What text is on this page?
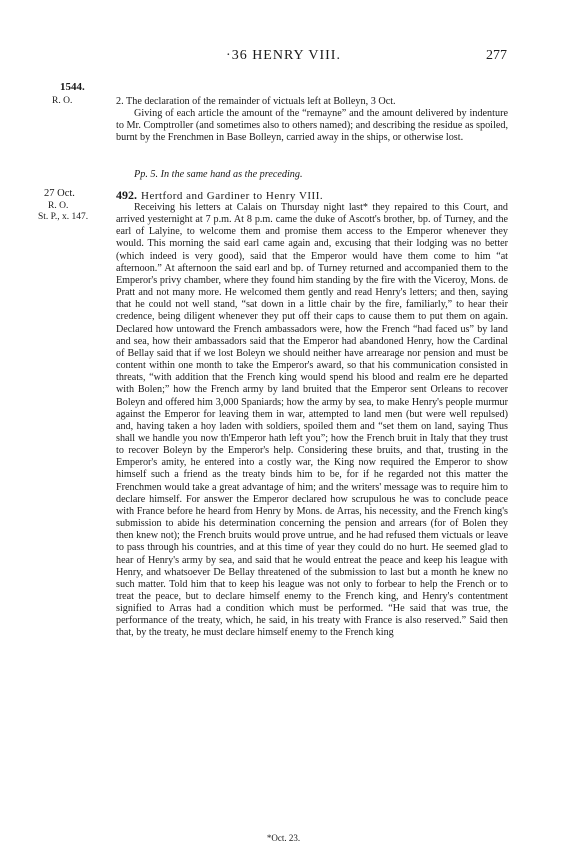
·36 HENRY VIII.	277
1544.
R. O.	2. The declaration of the remainder of victuals left at Bolleyn, 3 Oct.
Giving of each article the amount of the “remayne” and the amount delivered by indenture to Mr. Comptroller (and sometimes also to others named); and describing the residue as spoiled, burnt by the Frenchmen in Base Bolleyn, carried away in the ships, or otherwise lost.
Pp. 5. In the same hand as the preceding.
27 Oct.
R. O.
St. P., x. 147.
492. Hertford and Gardiner to Henry VIII.
Receiving his letters at Calais on Thursday night last* they repaired to this Court, and arrived yesternight at 7 p.m. At 8 p.m. came the duke of Ascott's brother, bp. of Turney, and the earl of Lalyine, to welcome them and promise them access to the Emperor whenever they would. This morning the said earl came again and, excusing that their lodging was no better (which indeed is very good), said that the Emperor would have them come to him “at afternoon.” At afternoon the said earl and bp. of Turney returned and accompanied them to the Emperor's privy chamber, where they found him standing by the fire with the Viceroy, Mons. de Pratt and not many more. He welcomed them gently and read Henry's letters; and then, saying that he could not well stand, “sat down in a little chair by the fire, familiarly,” to hear their credence, being diligent whenever they put off their caps to cause them to put them on again. Declared how untoward the French ambassadors were, how the French “had faced us” by land and sea, how their ambassadors said that the Emperor had abandoned Henry, how the Cardinal of Bellay said that if we lost Boleyn we should neither have arrearage nor pension and must be content within one month to take the Emperor's award, so that his communication consisted in threats, “with addition that the French king would spend his blood and realm ere he departed with Bolen;” how the French army by land bruited that the Emperor sent Orleans to recover Boleyn and offered him 3,000 Spaniards; how the army by sea, to make Henry's people murmur against the Emperor for leaving them in war, attempted to land men (but were well repulsed) and, having taken a hoy laden with soldiers, spoiled them and “set them on land, saying Thus shall we handle you now th'Emperor hath left you”; how the French bruit in Italy that they trust to recover Boleyn by the Emperor's help. Considering these bruits, and that, trusting in the Emperor's amity, he entered into a costly war, the King now required the Emperor to show himself such a friend as the treaty binds him to be, for if he regarded not this matter the Frenchmen would take a great advantage of him; and the writers' message was to require him to declare himself. For answer the Emperor declared how scrupulous he was to conclude peace with France before he heard from Henry by Mons. de Arras, his necessity, and the French king's submission to abide his determination concerning the pension and arrears (for of Bolen they then knew not); the French bruits would prove untrue, and he had refused them victuals or leave to pass through his countries, and at this time of year they could do no hurt. He seemed glad to hear of Henry's army by sea, and said that he would entreat the peace and keep his league with Henry, and whatsoever De Bellay threatened of the submission to last but a month he knew no such matter. Told him that to keep his league was not only to forbear to help the French or to treat the peace, but to declare himself enemy to the French king, and Henry's contentment signified to Arras had a condition which must be performed. “He said that was true, the performance of the treaty, which, he said, in his treaty with France is also reserved.” Said then that, by the treaty, he must declare himself enemy to the French king
*Oct. 23.
